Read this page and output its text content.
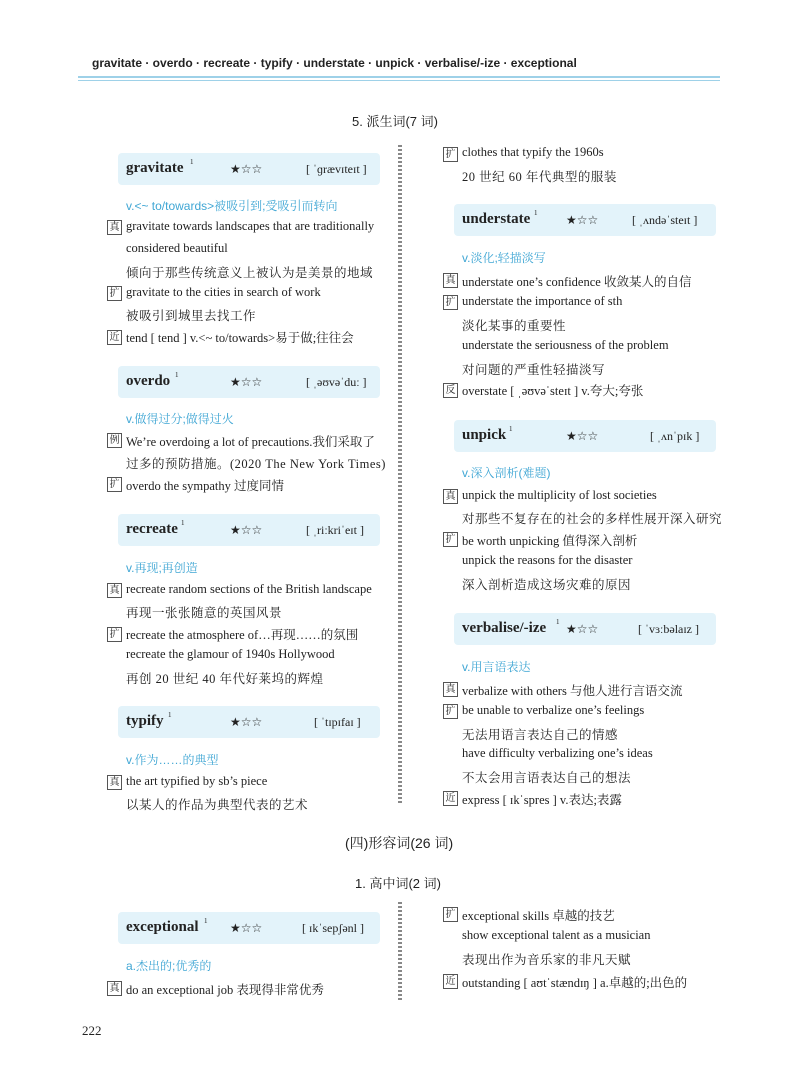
gravitate · overdo · recreate · typify · understate · unpick · verbalise/-ize · exceptional
5. 派生词(7 词)
gravitate 1	★☆☆	[ ˈɡrævɪteɪt ]
v.<~ to/towards>被吸引到;受吸引而转向
真 gravitate towards landscapes that are traditionally
considered beautiful
倾向于那些传统意义上被认为是美景的地域
扩 gravitate to the cities in search of work
被吸引到城里去找工作
近 tend [ tend ] v.<~ to/towards>易于做;往往会
overdo 1	★☆☆	[ ˌəʊvəˈduː ]
v.做得过分;做得过火
例 We’re overdoing a lot of precautions.我们采取了
过多的预防措施。(2020 The New York Times)
扩 overdo the sympathy 过度同情
recreate 1	★☆☆	[ ˌriːkriˈeɪt ]
v.再现;再创造
真 recreate random sections of the British landscape
再现一张张随意的英国风景
扩 recreate the atmosphere of…再现……的氛围
recreate the glamour of 1940s Hollywood
再创 20 世纪 40 年代好莱坞的辉煌
typify 1	★☆☆	[ ˈtɪpɪfaɪ ]
v.作为……的典型
真 the art typified by sb’s piece
以某人的作品为典型代表的艺术
扩 clothes that typify the 1960s
20 世纪 60 年代典型的服装
understate 1 ★☆☆	[ ˌʌndəˈsteɪt ]
v.淡化;轻描淡写
真 understate one’s confidence 收敛某人的自信
扩 understate the importance of sth
淡化某事的重要性
understate the seriousness of the problem
对问题的严重性轻描淡写
反 overstate [ ˌəʊvəˈsteɪt ] v.夸大;夸张
unpick 1	★☆☆	[ ˌʌnˈpɪk ]
v.深入剖析(难题)
真 unpick the multiplicity of lost societies
对那些不复存在的社会的多样性展开深入研究
扩 be worth unpicking 值得深入剖析
unpick the reasons for the disaster
深入剖析造成这场灾难的原因
verbalise/-ize 1 ★☆☆	[ ˈvɜːbəlaɪz ]
v.用言语表达
真 verbalize with others 与他人进行言语交流
扩 be unable to verbalize one’s feelings
无法用语言表达自己的情感
have difficulty verbalizing one’s ideas
不太会用言语表达自己的想法
近 express [ ɪkˈspres ] v.表达;表露
(四)形容词(26 词)
1. 高中词(2 词)
exceptional 1 ★☆☆	[ ɪkˈsepʃənl ]
a.杰出的;优秀的
真 do an exceptional job 表现得非常优秀
扩 exceptional skills 卓越的技艺
show exceptional talent as a musician
表现出作为音乐家的非凡天赋
近 outstanding [ aʊtˈstændɪŋ ] a.卓越的;出色的
222
